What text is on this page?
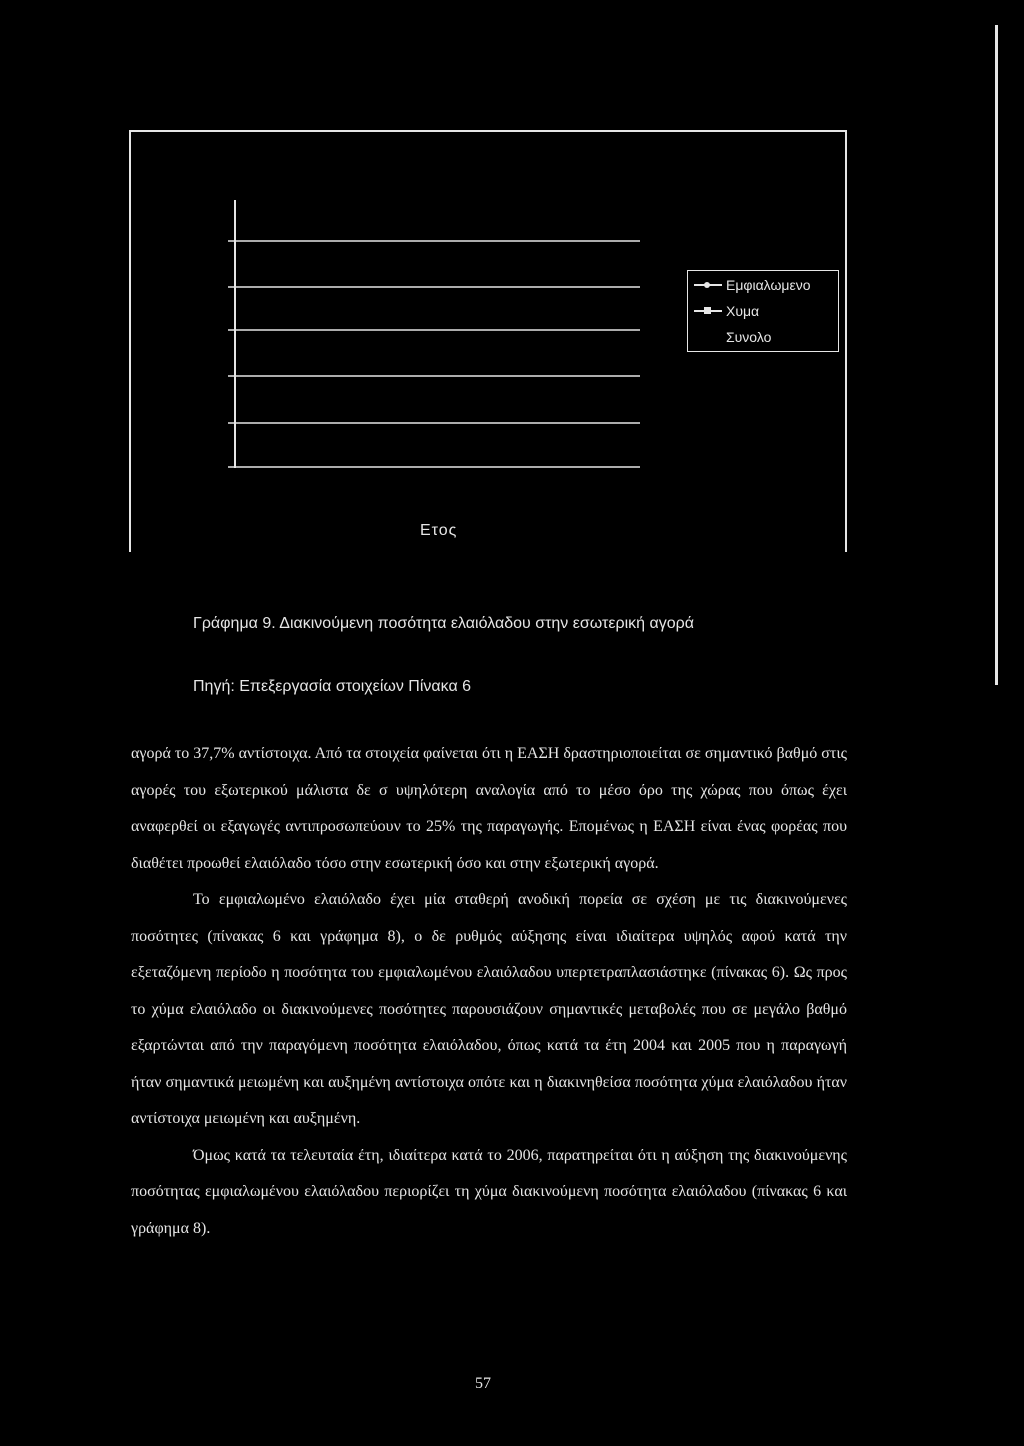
Εμφιαλωμενο
Χυμα
Συνολο
Ετος
Γράφημα 9. Διακινούμενη ποσότητα ελαιόλαδου στην εσωτερική αγορά
Πηγή: Επεξεργασία στοιχείων Πίνακα 6

αγορά το 37,7% αντίστοιχα. Από τα στοιχεία φαίνεται ότι η ΕΑΣΗ δραστηριοποιείται σε σημαντικό βαθμό στις αγορές του εξωτερικού μάλιστα δε σ υψηλότερη αναλογία από το μέσο όρο της χώρας που όπως έχει αναφερθεί οι εξαγωγές αντιπροσωπεύουν το 25% της παραγωγής. Επομένως η ΕΑΣΗ είναι ένας φορέας που διαθέτει προωθεί ελαιόλαδο τόσο στην εσωτερική όσο και στην εξωτερική αγορά.

Το εμφιαλωμένο ελαιόλαδο έχει μία σταθερή ανοδική πορεία σε σχέση με τις διακινούμενες ποσότητες (πίνακας 6 και γράφημα 8), ο δε ρυθμός αύξησης είναι ιδιαίτερα υψηλός αφού κατά την εξεταζόμενη περίοδο η ποσότητα του εμφιαλωμένου ελαιόλαδου υπερτετραπλασιάστηκε (πίνακας 6). Ως προς το χύμα ελαιόλαδο οι διακινούμενες ποσότητες παρουσιάζουν σημαντικές μεταβολές που σε μεγάλο βαθμό εξαρτώνται από την παραγόμενη ποσότητα ελαιόλαδου, όπως κατά τα έτη 2004 και 2005 που η παραγωγή ήταν σημαντικά μειωμένη και αυξημένη αντίστοιχα οπότε και η διακινηθείσα ποσότητα χύμα ελαιόλαδου ήταν αντίστοιχα μειωμένη και αυξημένη.

Όμως κατά τα τελευταία έτη, ιδιαίτερα κατά το 2006, παρατηρείται ότι η αύξηση της διακινούμενης ποσότητας εμφιαλωμένου ελαιόλαδου περιορίζει τη χύμα διακινούμενη ποσότητα ελαιόλαδου (πίνακας 6 και γράφημα 8).

57
